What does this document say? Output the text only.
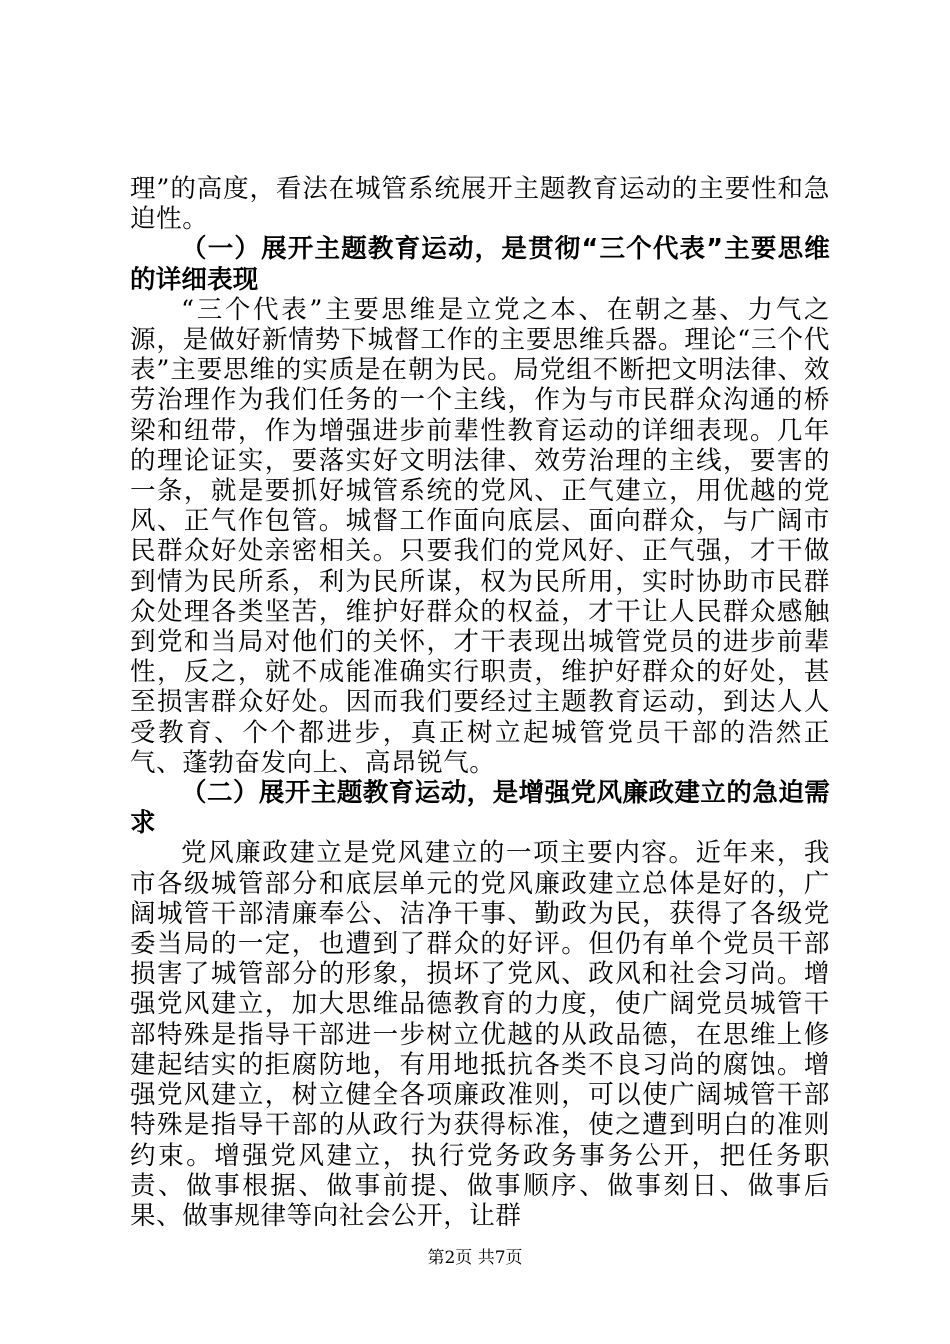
理”的高度，看法在城管系统展开主题教育运动的主要性和急迫性。

（一）展开主题教育运动，是贯彻“三个代表”主要思维的详细表现

“三个代表”主要思维是立党之本、在朝之基、力气之源，是做好新情势下城督工作的主要思维兵器。理论“三个代表”主要思维的实质是在朝为民。局党组不断把文明法律、效劳治理作为我们任务的一个主线，作为与市民群众沟通的桥梁和纽带，作为增强进步前辈性教育运动的详细表现。几年的理论证实，要落实好文明法律、效劳治理的主线，要害的一条，就是要抓好城管系统的党风、正气建立，用优越的党风、正气作包管。城督工作面向底层、面向群众，与广阔市民群众好处亲密相关。只要我们的党风好、正气强，才干做到情为民所系，利为民所谋，权为民所用，实时协助市民群众处理各类坚苦，维护好群众的权益，才干让人民群众感触到党和当局对他们的关怀，才干表现出城管党员的进步前辈性，反之，就不成能准确实行职责，维护好群众的好处，甚至损害群众好处。因而我们要经过主题教育运动，到达人人受教育、个个都进步，真正树立起城管党员干部的浩然正气、蓬勃奋发向上、高昂锐气。

（二）展开主题教育运动，是增强党风廉政建立的急迫需求

党风廉政建立是党风建立的一项主要内容。近年来，我市各级城管部分和底层单元的党风廉政建立总体是好的，广阔城管干部清廉奉公、洁净干事、勤政为民，获得了各级党委当局的一定，也遭到了群众的好评。但仍有单个党员干部损害了城管部分的形象，损坏了党风、政风和社会习尚。增强党风建立，加大思维品德教育的力度，使广阔党员城管干部特殊是指导干部进一步树立优越的从政品德，在思维上修建起结实的拒腐防地，有用地抵抗各类不良习尚的腐蚀。增强党风建立，树立健全各项廉政准则，可以使广阔城管干部特殊是指导干部的从政行为获得标准，使之遭到明白的准则约束。增强党风建立，执行党务政务事务公开，把任务职责、做事根据、做事前提、做事顺序、做事刻日、做事后果、做事规律等向社会公开，让群

第2页 共7页
